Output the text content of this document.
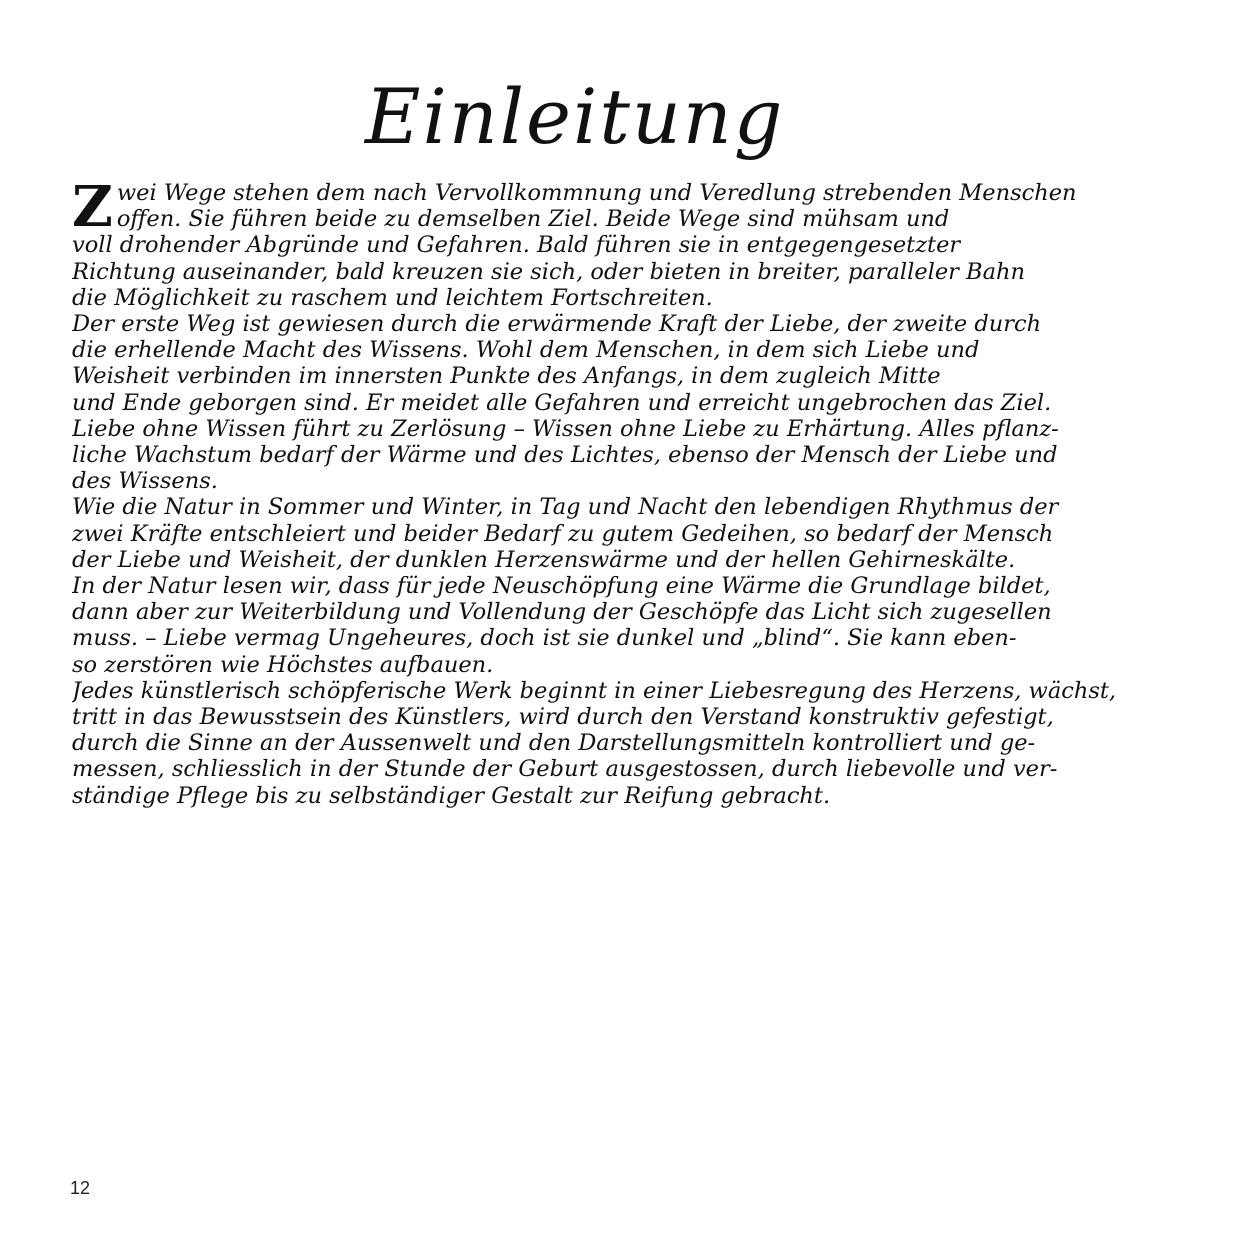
Einleitung
Z wei Wege stehen dem nach Vervollkommnung und Veredlung strebenden Menschen
offen. Sie führen beide zu demselben Ziel. Beide Wege sind mühsam und
voll drohender Abgründe und Gefahren. Bald führen sie in entgegengesetzter
Richtung auseinander, bald kreuzen sie sich, oder bieten in breiter, paralleler Bahn
die Möglichkeit zu raschem und leichtem Fortschreiten.
Der erste Weg ist gewiesen durch die erwärmende Kraft der Liebe, der zweite durch
die erhellende Macht des Wissens. Wohl dem Menschen, in dem sich Liebe und
Weisheit verbinden im innersten Punkte des Anfangs, in dem zugleich Mitte
und Ende geborgen sind. Er meidet alle Gefahren und erreicht ungebrochen das Ziel.
Liebe ohne Wissen führt zu Zerlösung – Wissen ohne Liebe zu Erhärtung. Alles pflanz-
liche Wachstum bedarf der Wärme und des Lichtes, ebenso der Mensch der Liebe und
des Wissens.
Wie die Natur in Sommer und Winter, in Tag und Nacht den lebendigen Rhythmus der
zwei Kräfte entschleiert und beider Bedarf zu gutem Gedeihen, so bedarf der Mensch
der Liebe und Weisheit, der dunklen Herzenswärme und der hellen Gehirneskälte.
In der Natur lesen wir, dass für jede Neuschöpfung eine Wärme die Grundlage bildet,
dann aber zur Weiterbildung und Vollendung der Geschöpfe das Licht sich zugesellen
muss. – Liebe vermag Ungeheures, doch ist sie dunkel und „blind“. Sie kann eben-
so zerstören wie Höchstes aufbauen.
Jedes künstlerisch schöpferische Werk beginnt in einer Liebesregung des Herzens, wächst,
tritt in das Bewusstsein des Künstlers, wird durch den Verstand konstruktiv gefestigt,
durch die Sinne an der Aussenwelt und den Darstellungsmitteln kontrolliert und ge-
messen, schliesslich in der Stunde der Geburt ausgestossen, durch liebevolle und ver-
ständige Pflege bis zu selbständiger Gestalt zur Reifung gebracht.
12
